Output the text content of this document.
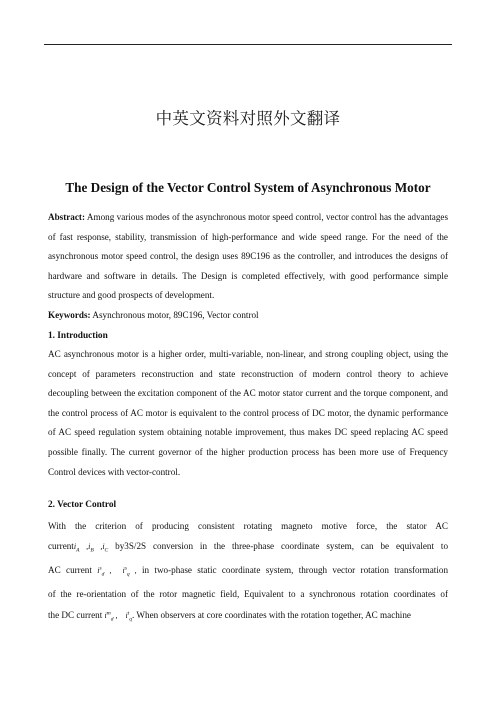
中英文资料对照外文翻译
The Design of the Vector Control System of Asynchronous Motor
Abstract: Among various modes of the asynchronous motor speed control, vector control has the advantages of fast response, stability, transmission of high-performance and wide speed range. For the need of the asynchronous motor speed control, the design uses 89C196 as the controller, and introduces the designs of hardware and software in details. The Design is completed effectively, with good performance simple structure and good prospects of development.
Keywords: Asynchronous motor, 89C196, Vector control
1. Introduction
AC asynchronous motor is a higher order, multi-variable, non-linear, and strong coupling object, using the concept of parameters reconstruction and state reconstruction of modern control theory to achieve decoupling between the excitation component of the AC motor stator current and the torque component, and the control process of AC motor is equivalent to the control process of DC motor, the dynamic performance of AC speed regulation system obtaining notable improvement, thus makes DC speed replacing AC speed possible finally. The current governor of the higher production process has been more use of Frequency Control devices with vector-control.
2. Vector Control
With the criterion of producing consistent rotating magneto motive force, the stator AC
currenti$_A$ $,i_B$ $,i_C$ by3S/2S conversion in the three-phase coordinate system, can be equivalent to
AC current $i^s_d$ , $i^s_q$ , in two-phase static coordinate system, through vector rotation transformation
of the re-orientation of the rotor magnetic field, Equivalent to a synchronous rotation coordinates of
the DC current $i^m_d$ , $i^t_q$. When observers at core coordinates with the rotation together, AC machine
